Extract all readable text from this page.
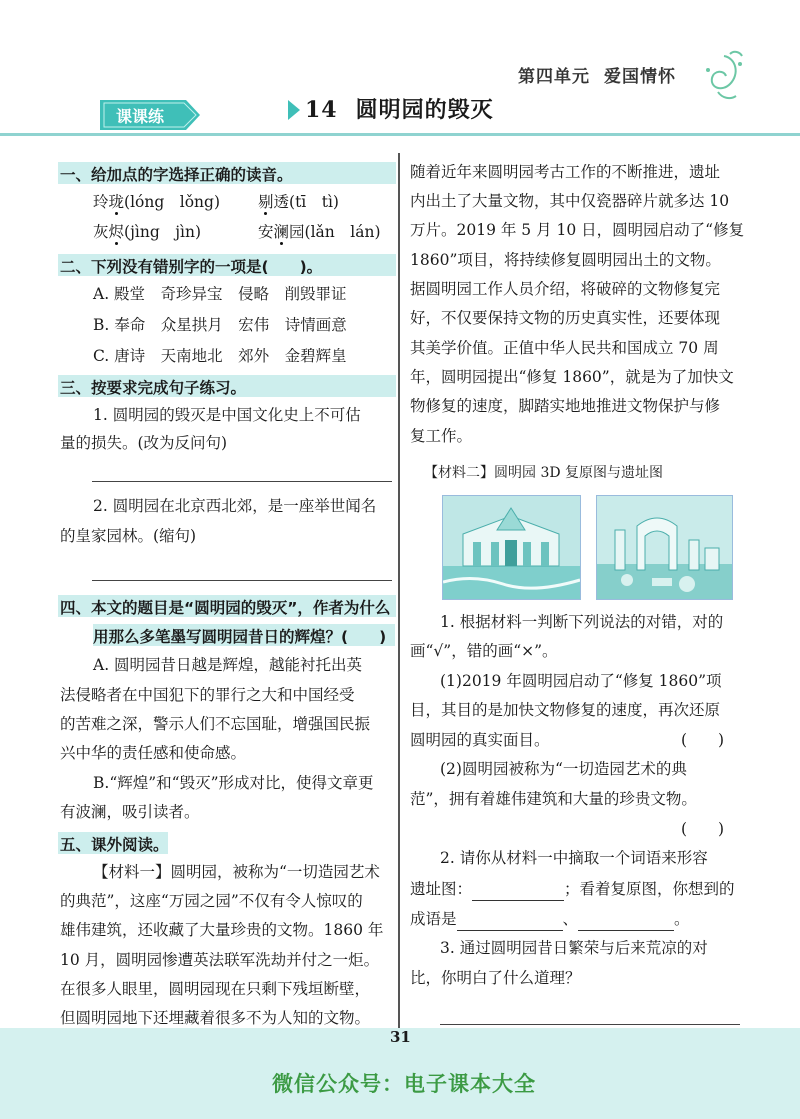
第四单元 爱国情怀
课课练	14 圆明园的毁灭
一、给加点的字选择正确的读音。
玲珑(lóng　lǒng) 剔透(tī　tì)
灰烬(jìng　jìn)	安澜园(lǎn　lán)
二、下列没有错别字的一项是(　　)。
A. 殿堂　奇珍异宝　侵略　削毁罪证
B. 奉命　众星拱月　宏伟　诗情画意
C. 唐诗　天南地北　郊外　金碧辉皇
三、按要求完成句子练习。
1. 圆明园的毁灭是中国文化史上不可估
量的损失。(改为反问句)
2. 圆明园在北京西北郊，是一座举世闻名
的皇家园林。(缩句)
四、本文的题目是“圆明园的毁灭”，作者为什么
用那么多笔墨写圆明园昔日的辉煌？(　　)
A. 圆明园昔日越是辉煌，越能衬托出英
法侵略者在中国犯下的罪行之大和中国经受
的苦难之深，警示人们不忘国耻，增强国民振
兴中华的责任感和使命感。
B.“辉煌”和“毁灭”形成对比，使得文章更
有波澜，吸引读者。
五、课外阅读。
【材料一】圆明园，被称为“一切造园艺术
的典范”，这座“万园之园”不仅有令人惊叹的
雄伟建筑，还收藏了大量珍贵的文物。1860 年
10 月，圆明园惨遭英法联军洗劫并付之一炬。
在很多人眼里，圆明园现在只剩下残垣断壁，
但圆明园地下还埋藏着很多不为人知的文物。
随着近年来圆明园考古工作的不断推进，遗址
内出土了大量文物，其中仅瓷器碎片就多达 10
万片。2019 年 5 月 10 日，圆明园启动了“修复
1860”项目，将持续修复圆明园出土的文物。
据圆明园工作人员介绍，将破碎的文物修复完
好，不仅要保持文物的历史真实性，还要体现
其美学价值。正值中华人民共和国成立 70 周
年，圆明园提出“修复 1860”，就是为了加快文
物修复的速度，脚踏实地地推进文物保护与修
复工作。
【材料二】圆明园 3D 复原图与遗址图
1. 根据材料一判断下列说法的对错，对的
画“√”，错的画“×”。
(1)2019 年圆明园启动了“修复 1860”项
目，其目的是加快文物修复的速度，再次还原
圆明园的真实面目。	(　　)
(2)圆明园被称为“一切造园艺术的典
范”，拥有着雄伟建筑和大量的珍贵文物。
(　　)
2. 请你从材料一中摘取一个词语来形容
遗址图：	；看着复原图，你想到的
成语是	、	。
3. 通过圆明园昔日繁荣与后来荒凉的对
比，你明白了什么道理？
31
微信公众号：电子课本大全
